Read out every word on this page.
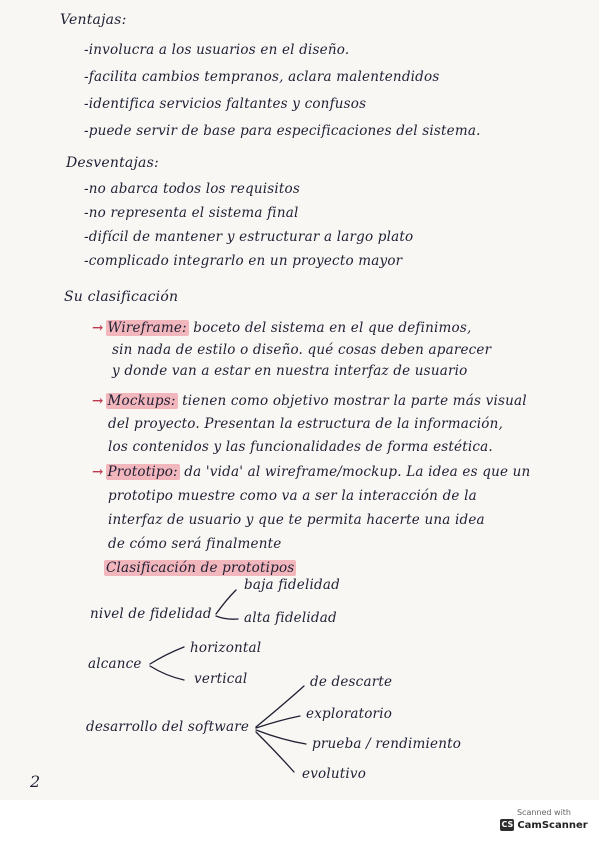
Ventajas:
-involucra a los usuarios en el diseño.
-facilita cambios tempranos, aclara malentendidos
-identifica servicios faltantes y confusos
-puede servir de base para especificaciones del sistema.
Desventajas:
-no abarca todos los requisitos
-no representa el sistema final
-difícil de mantener y estructurar a largo plato
-complicado integrarlo en un proyecto mayor
Su clasificación
→ Wireframe: boceto del sistema en el que definimos,
sin nada de estilo o diseño. qué cosas deben aparecer
y donde van a estar en nuestra interfaz de usuario
→ Mockups: tienen como objetivo mostrar la parte más visual
del proyecto. Presentan la estructura de la información,
los contenidos y las funcionalidades de forma estética.
→ Prototipo: da 'vida' al wireframe/mockup. La idea es que un
prototipo muestre como va a ser la interacción de la
interfaz de usuario y que te permita hacerte una idea
de cómo será finalmente
Clasificación de prototipos
nivel de fidelidad
baja fidelidad
alta fidelidad
alcance
horizontal
vertical
desarrollo del software
de descarte
exploratorio
prueba / rendimiento
evolutivo
2
Scanned with
CS CamScanner
